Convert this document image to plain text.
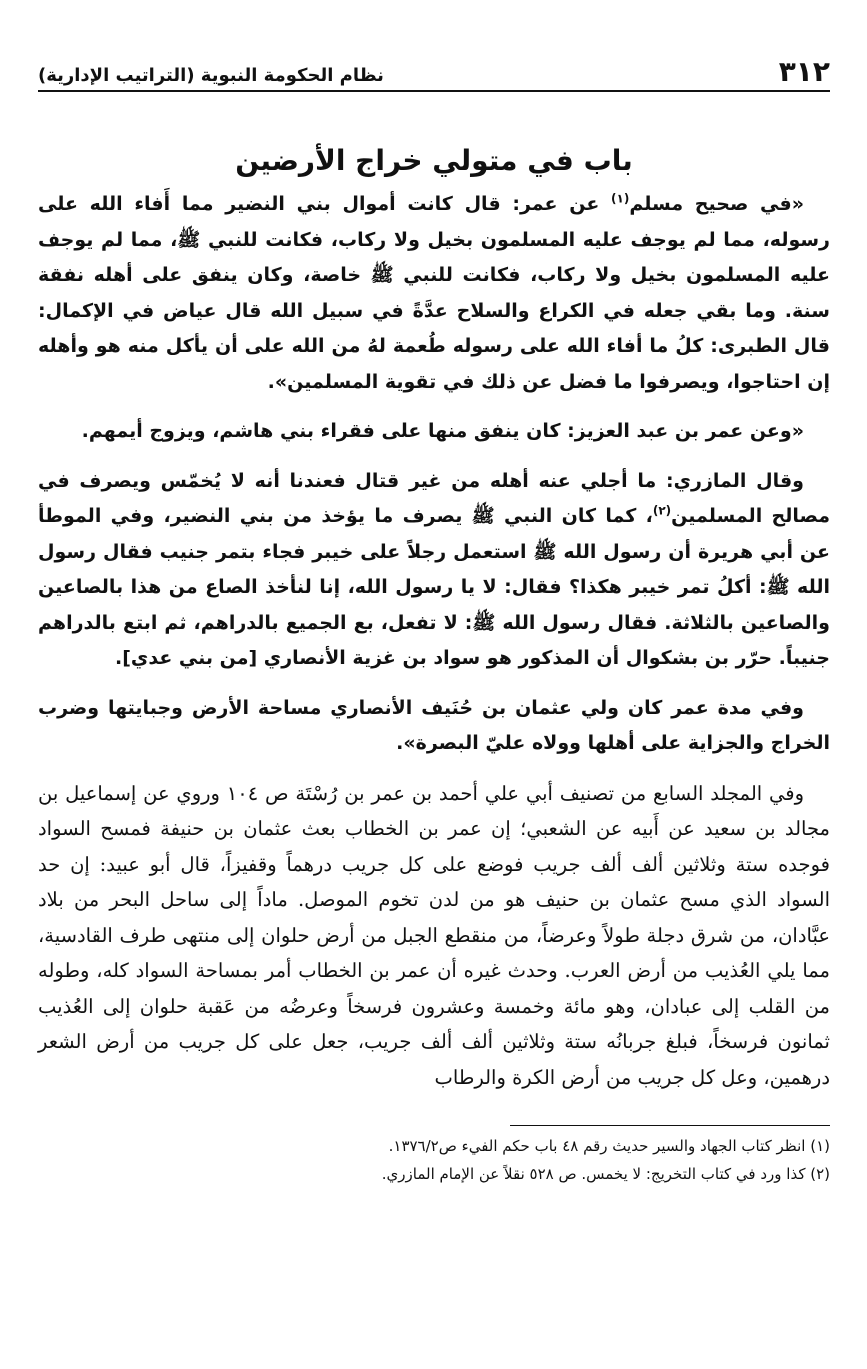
٣١٢
نظام الحكومة النبوية (التراتيب الإدارية)
باب في متولي خراج الأرضين

«في صحيح مسلم$^{(١)}$ عن عمر: قال كانت أموال بني النضير مما أَفاء الله على رسوله، مما لم يوجف عليه المسلمون بخيل ولا ركاب، فكانت للنبي ﷺ، مما لم يوجف عليه المسلمون بخيل ولا ركاب، فكانت للنبي ﷺ خاصة، وكان ينفق على أهله نفقة سنة. وما بقي جعله في الكراع والسلاح عدَّةً في سبيل الله قال عياض في الإكمال: قال الطبرى: كلُ ما أفاء الله على رسوله طُعمة لهُ من الله على أن يأكل منه هو وأهله إن احتاجوا، ويصرفوا ما فضل عن ذلك في تقوية المسلمين».

«وعن عمر بن عبد العزيز: كان ينفق منها على فقراء بني هاشم، ويزوج أيمهم.

وقال المازري: ما أجلي عنه أهله من غير قتال فعندنا أنه لا يُخمّس ويصرف في مصالح المسلمين$^{(٢)}$، كما كان النبي ﷺ يصرف ما يؤخذ من بني النضير، وفي الموطأ عن أبي هريرة أن رسول الله ﷺ استعمل رجلاً على خيبر فجاء بتمر جنيب فقال رسول الله ﷺ: أكلُ تمر خيبر هكذا؟ فقال: لا يا رسول الله، إنا لنأخذ الصاع من هذا بالصاعين والصاعين بالثلاثة. فقال رسول الله ﷺ: لا تفعل، بع الجميع بالدراهم، ثم ابتع بالدراهم جنيباً. حرّر بن بشكوال أن المذكور هو سواد بن غزية الأنصاري [من بني عدي].

وفي مدة عمر كان ولي عثمان بن حُنَيف الأنصاري مساحة الأرض وجبايتها وضرب الخراج والجزاية على أهلها وولاه عليّ البصرة».

وفي المجلد السابع من تصنيف أبي علي أحمد بن عمر بن رُسْتَة ص ١٠٤ وروي عن إسماعيل بن مجالد بن سعيد عن أَبيه عن الشعبي؛ إن عمر بن الخطاب بعث عثمان بن حنيفة فمسح السواد فوجده ستة وثلاثين ألف ألف جريب فوضع على كل جريب درهماً وقفيزاً، قال أبو عبيد: إن حد السواد الذي مسح عثمان بن حنيف هو من لدن تخوم الموصل. ماداً إلى ساحل البحر من بلاد عبَّادان، من شرق دجلة طولاً وعرضاً، من منقطع الجبل من أرض حلوان إلى منتهى طرف القادسية، مما يلي العُذيب من أرض العرب. وحدث غيره أن عمر بن الخطاب أمر بمساحة السواد كله، وطوله من القلب إلى عبادان، وهو مائة وخمسة وعشرون فرسخاً وعرضُه من عَقبة حلوان إلى العُذيب ثمانون فرسخاً، فبلغ جربانُه ستة وثلاثين ألف ألف جريب، جعل على كل جريب من أرض الشعر درهمين، وعل كل جريب من أرض الكرة والرطاب

(١) انظر كتاب الجهاد والسير حديث رقم ٤٨ باب حكم الفيء ص١٣٧٦/٢.

(٢) كذا ورد في كتاب التخريج: لا يخمس. ص ٥٢٨ نقلاً عن الإمام المازري.
